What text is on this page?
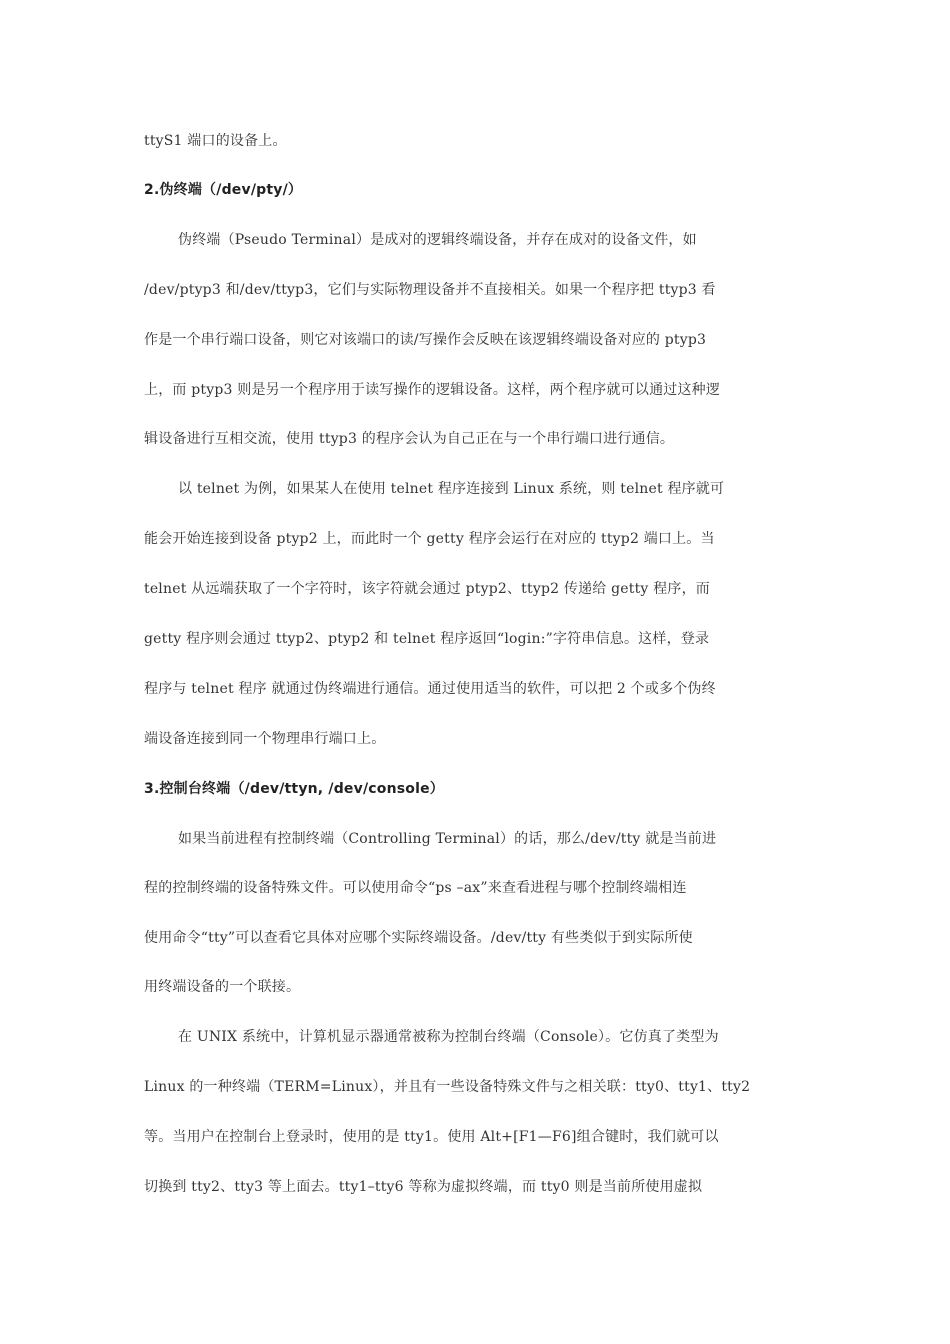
ttyS1 端口的设备上。
2.伪终端（/dev/pty/）
伪终端（Pseudo Terminal）是成对的逻辑终端设备，并存在成对的设备文件，如
/dev/ptyp3 和/dev/ttyp3，它们与实际物理设备并不直接相关。如果一个程序把 ttyp3 看
作是一个串行端口设备，则它对该端口的读/写操作会反映在该逻辑终端设备对应的 ptyp3
上，而 ptyp3 则是另一个程序用于读写操作的逻辑设备。这样，两个程序就可以通过这种逻
辑设备进行互相交流，使用 ttyp3 的程序会认为自己正在与一个串行端口进行通信。
以 telnet 为例，如果某人在使用 telnet 程序连接到 Linux 系统，则 telnet 程序就可
能会开始连接到设备 ptyp2 上，而此时一个 getty 程序会运行在对应的 ttyp2 端口上。当
telnet 从远端获取了一个字符时，该字符就会通过 ptyp2、ttyp2 传递给 getty 程序，而
getty 程序则会通过 ttyp2、ptyp2 和 telnet 程序返回“login:”字符串信息。这样，登录
程序与 telnet 程序 就通过伪终端进行通信。通过使用适当的软件，可以把 2 个或多个伪终
端设备连接到同一个物理串行端口上。
3.控制台终端（/dev/ttyn, /dev/console）
如果当前进程有控制终端（Controlling Terminal）的话，那么/dev/tty 就是当前进
程的控制终端的设备特殊文件。可以使用命令“ps –ax”来查看进程与哪个控制终端相连
使用命令“tty”可以查看它具体对应哪个实际终端设备。/dev/tty 有些类似于到实际所使
用终端设备的一个联接。
在 UNIX 系统中，计算机显示器通常被称为控制台终端（Console）。它仿真了类型为
Linux 的一种终端（TERM=Linux），并且有一些设备特殊文件与之相关联：tty0、tty1、tty2
等。当用户在控制台上登录时，使用的是 tty1。使用 Alt+[F1—F6]组合键时，我们就可以
切换到 tty2、tty3 等上面去。tty1–tty6 等称为虚拟终端，而 tty0 则是当前所使用虚拟
